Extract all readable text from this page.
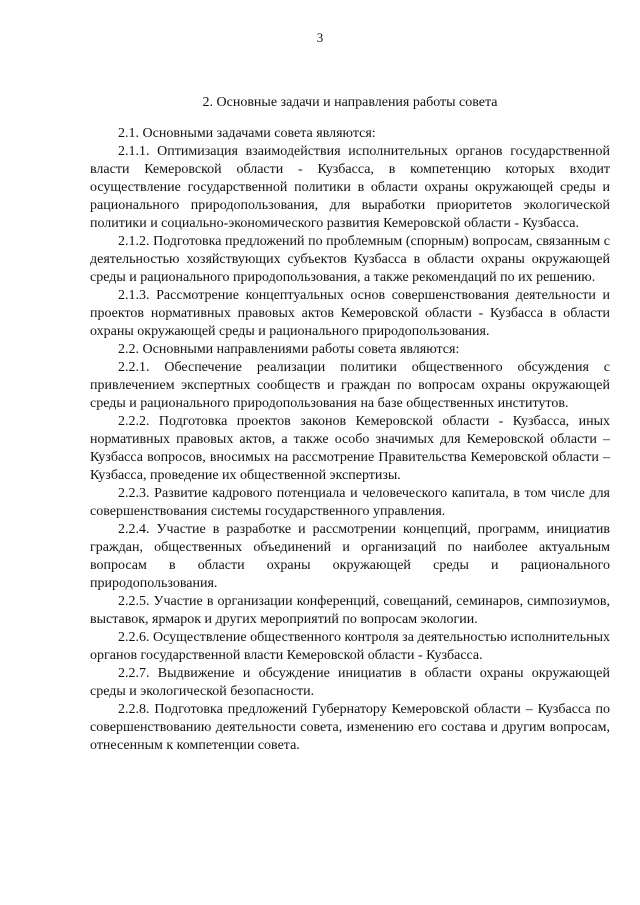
3
2. Основные задачи и направления работы совета

2.1. Основными задачами совета являются:

2.1.1. Оптимизация взаимодействия исполнительных органов государственной власти Кемеровской области - Кузбасса, в компетенцию которых входит осуществление государственной политики в области охраны окружающей среды и рационального природопользования, для выработки приоритетов экологической политики и социально-экономического развития Кемеровской области - Кузбасса.

2.1.2. Подготовка предложений по проблемным (спорным) вопросам, связанным с деятельностью хозяйствующих субъектов Кузбасса в области охраны окружающей среды и рационального природопользования, а также рекомендаций по их решению.

2.1.3. Рассмотрение концептуальных основ совершенствования деятельности и проектов нормативных правовых актов Кемеровской области - Кузбасса в области охраны окружающей среды и рационального природопользования.

2.2. Основными направлениями работы совета являются:

2.2.1. Обеспечение реализации политики общественного обсуждения с привлечением экспертных сообществ и граждан по вопросам охраны окружающей среды и рационального природопользования на базе общественных институтов.

2.2.2. Подготовка проектов законов Кемеровской области - Кузбасса, иных нормативных правовых актов, а также особо значимых для Кемеровской области – Кузбасса вопросов, вносимых на рассмотрение Правительства Кемеровской области – Кузбасса, проведение их общественной экспертизы.

2.2.3. Развитие кадрового потенциала и человеческого капитала, в том числе для совершенствования системы государственного управления.

2.2.4. Участие в разработке и рассмотрении концепций, программ, инициатив граждан, общественных объединений и организаций по наиболее актуальным вопросам в области охраны окружающей среды и рационального природопользования.

2.2.5. Участие в организации конференций, совещаний, семинаров, симпозиумов, выставок, ярмарок и других мероприятий по вопросам экологии.

2.2.6. Осуществление общественного контроля за деятельностью исполнительных органов государственной власти Кемеровской области - Кузбасса.

2.2.7. Выдвижение и обсуждение инициатив в области охраны окружающей среды и экологической безопасности.

2.2.8. Подготовка предложений Губернатору Кемеровской области – Кузбасса по совершенствованию деятельности совета, изменению его состава и другим вопросам, отнесенным к компетенции совета.
